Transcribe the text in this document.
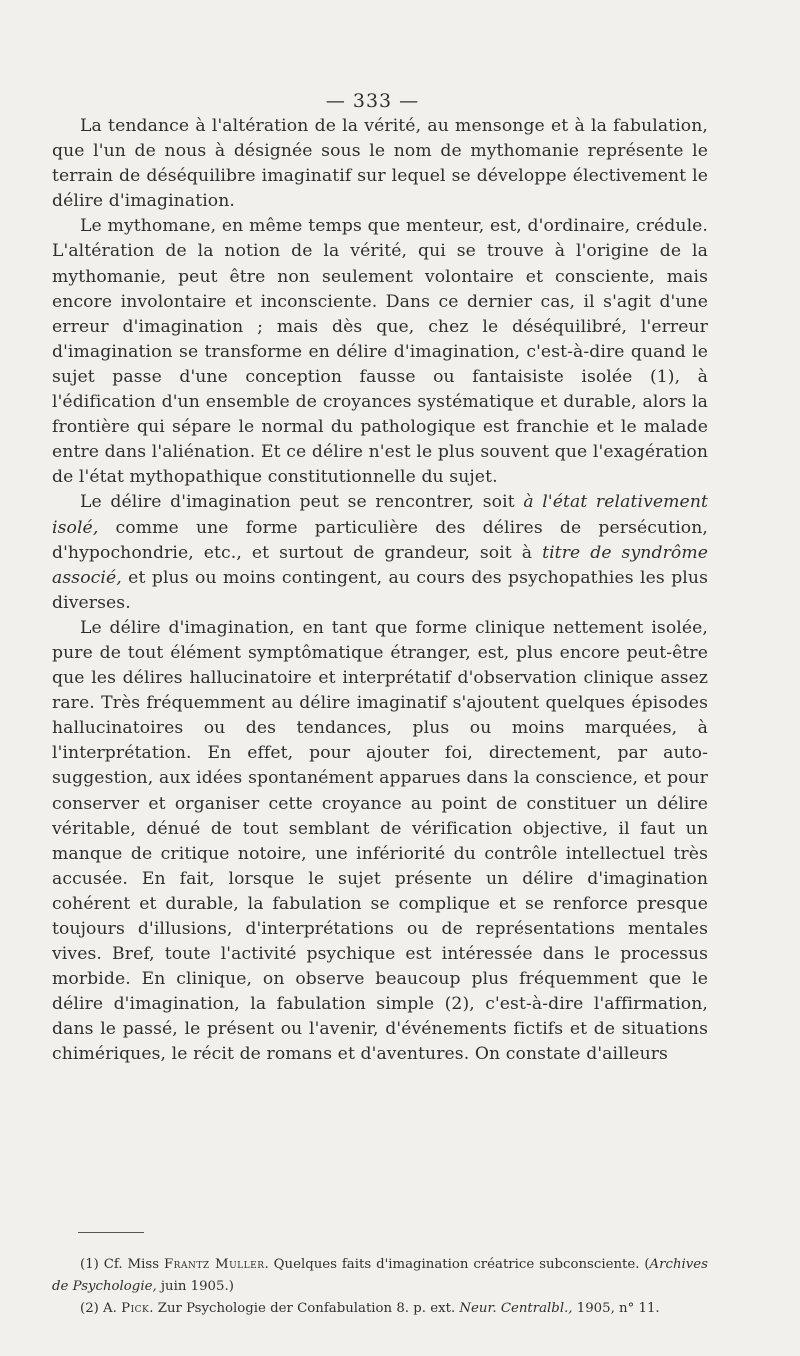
— 333 —

La tendance à l'altération de la vérité, au mensonge et à la fabulation, que l'un de nous à désignée sous le nom de mythomanie représente le terrain de déséquilibre imaginatif sur lequel se développe électivement le délire d'imagination.

Le mythomane, en même temps que menteur, est, d'ordinaire, crédule. L'altération de la notion de la vérité, qui se trouve à l'origine de la mythomanie, peut être non seulement volontaire et consciente, mais encore involontaire et inconsciente. Dans ce dernier cas, il s'agit d'une erreur d'imagination ; mais dès que, chez le déséquilibré, l'erreur d'imagination se transforme en délire d'imagination, c'est-à-dire quand le sujet passe d'une conception fausse ou fantaisiste isolée (1), à l'édification d'un ensemble de croyances systématique et durable, alors la frontière qui sépare le normal du pathologique est franchie et le malade entre dans l'aliénation. Et ce délire n'est le plus souvent que l'exagération de l'état mythopathique constitutionnelle du sujet.

Le délire d'imagination peut se rencontrer, soit à l'état relativement isolé, comme une forme particulière des délires de persécution, d'hypochondrie, etc., et surtout de grandeur, soit à titre de syndrôme associé, et plus ou moins contingent, au cours des psychopathies les plus diverses.

Le délire d'imagination, en tant que forme clinique nettement isolée, pure de tout élément symptômatique étranger, est, plus encore peut-être que les délires hallucinatoire et interprétatif d'observation clinique assez rare. Très fréquemment au délire imaginatif s'ajoutent quelques épisodes hallucinatoires ou des tendances, plus ou moins marquées, à l'interprétation. En effet, pour ajouter foi, directement, par auto-suggestion, aux idées spontanément apparues dans la conscience, et pour conserver et organiser cette croyance au point de constituer un délire véritable, dénué de tout semblant de vérification objective, il faut un manque de critique notoire, une infériorité du contrôle intellectuel très accusée. En fait, lorsque le sujet présente un délire d'imagination cohérent et durable, la fabulation se complique et se renforce presque toujours d'illusions, d'interprétations ou de représentations mentales vives. Bref, toute l'activité psychique est intéressée dans le processus morbide. En clinique, on observe beaucoup plus fréquemment que le délire d'imagination, la fabulation simple (2), c'est-à-dire l'affirmation, dans le passé, le présent ou l'avenir, d'événements fictifs et de situations chimériques, le récit de romans et d'aventures. On constate d'ailleurs

(1) Cf. Miss Frantz Muller. Quelques faits d'imagination créatrice subconsciente. (Archives de Psychologie, juin 1905.)

(2) A. Pick. Zur Psychologie der Confabulation 8. p. ext. Neur. Centralbl., 1905, n° 11.
